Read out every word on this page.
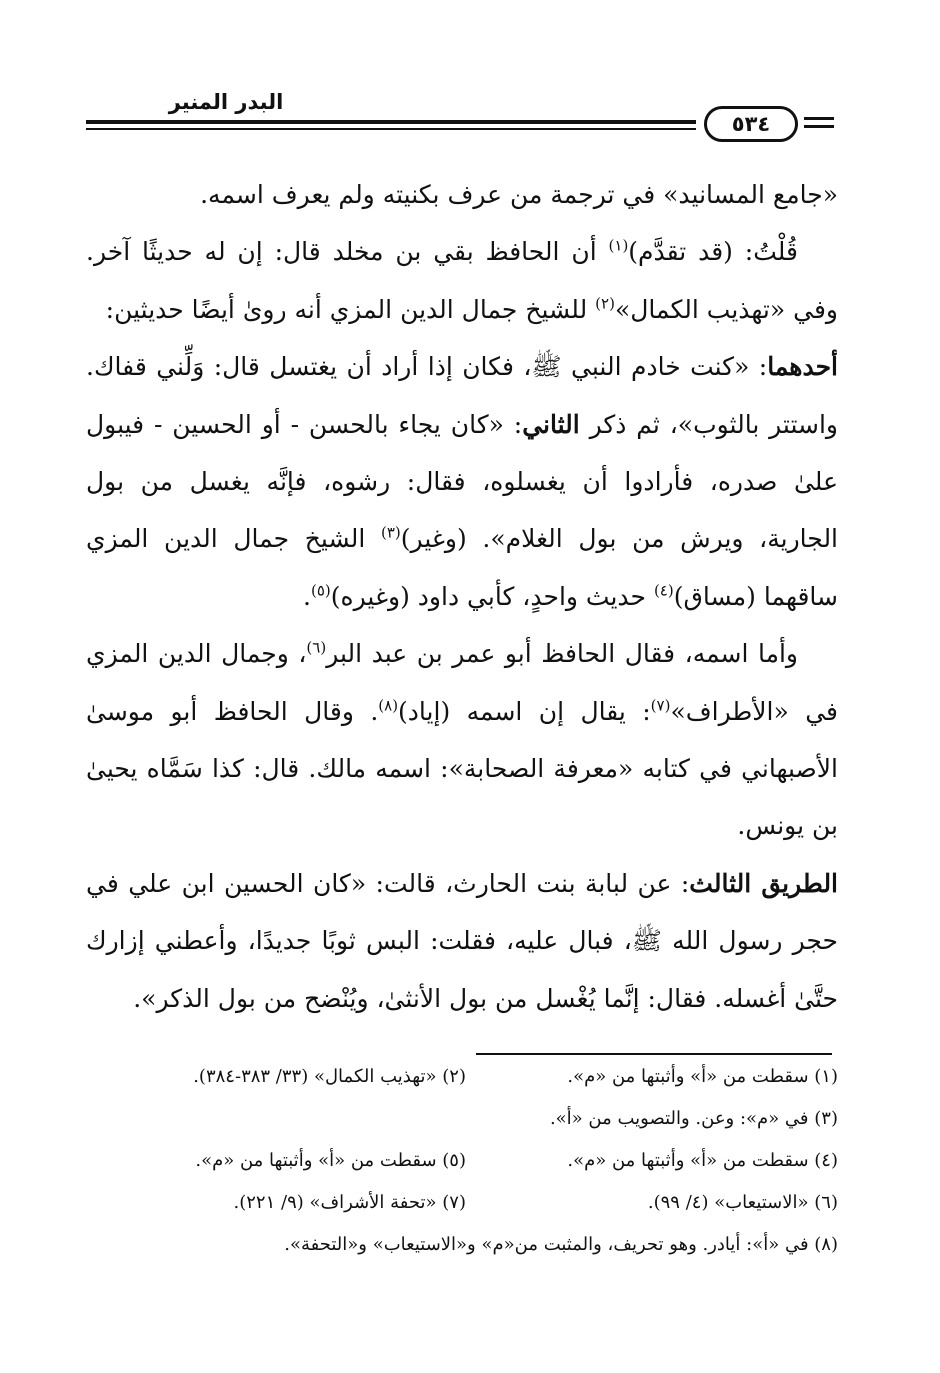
البدر المنير
٥٣٤

«جامع المسانيد» في ترجمة من عرف بكنيته ولم يعرف اسمه.

قُلْتُ: (قد تقدَّم)$^{(١)}$ أن الحافظ بقي بن مخلد قال: إن له حديثًا آخر. وفي «تهذيب الكمال»$^{(٢)}$ للشيخ جمال الدين المزي أنه روىٰ أيضًا حديثين:

أحدهما: «كنت خادم النبي ﷺ، فكان إذا أراد أن يغتسل قال: وَلِّني قفاك. واستتر بالثوب»، ثم ذكر الثاني: «كان يجاء بالحسن - أو الحسين - فيبول علىٰ صدره، فأرادوا أن يغسلوه، فقال: رشوه، فإنَّه يغسل من بول الجارية، ويرش من بول الغلام». (وغير)$^{(٣)}$ الشيخ جمال الدين المزي ساقهما (مساق)$^{(٤)}$ حديث واحدٍ، كأبي داود (وغيره)$^{(٥)}$.

وأما اسمه، فقال الحافظ أبو عمر بن عبد البر$^{(٦)}$، وجمال الدين المزي في «الأطراف»$^{(٧)}$: يقال إن اسمه (إياد)$^{(٨)}$. وقال الحافظ أبو موسىٰ الأصبهاني في كتابه «معرفة الصحابة»: اسمه مالك. قال: كذا سَمَّاه يحيىٰ بن يونس.

الطريق الثالث: عن لبابة بنت الحارث، قالت: «كان الحسين ابن علي في حجر رسول الله ﷺ، فبال عليه، فقلت: البس ثوبًا جديدًا، وأعطني إزارك حتَّىٰ أغسله. فقال: إنَّما يُغْسل من بول الأنثىٰ، ويُنْضح من بول الذكر».

(١) سقطت من «أ» وأثبتها من «م».
(٢) «تهذيب الكمال» (٣٣/ ٣٨٣-٣٨٤).
(٣) في «م»: وعن. والتصويب من «أ».
(٤) سقطت من «أ» وأثبتها من «م».
(٥) سقطت من «أ» وأثبتها من «م».
(٦) «الاستيعاب» (٤/ ٩٩).
(٧) «تحفة الأشراف» (٩/ ٢٢١).
(٨) في «أ»: أيادر. وهو تحريف، والمثبت من«م» و«الاستيعاب» و«التحفة».
